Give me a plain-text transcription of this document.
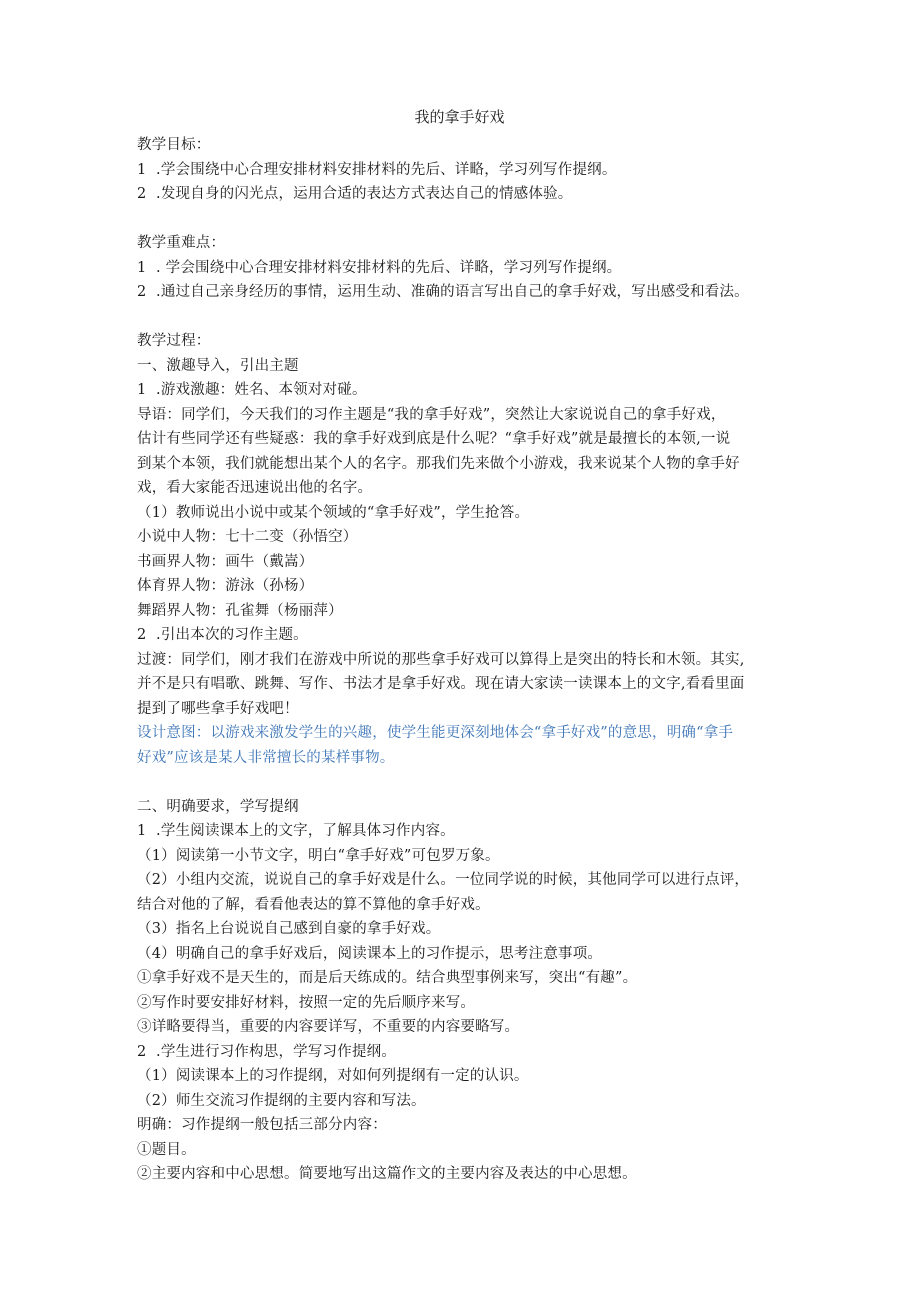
我的拿手好戏
教学目标：
1  .学会围绕中心合理安排材料安排材料的先后、详略，学习列写作提纲。
2  .发现自身的闪光点，运用合适的表达方式表达自己的情感体验。
教学重难点：
1  . 学会围绕中心合理安排材料安排材料的先后、详略，学习列写作提纲。
2  .通过自己亲身经历的事情，运用生动、准确的语言写出自己的拿手好戏，写出感受和看法。
教学过程：
一、激趣导入，引出主题
1  .游戏激趣：姓名、本领对对碰。
导语：同学们，今天我们的习作主题是“我的拿手好戏”，突然让大家说说自己的拿手好戏，
估计有些同学还有些疑惑：我的拿手好戏到底是什么呢？“拿手好戏”就是最擅长的本领,一说
到某个本领，我们就能想出某个人的名字。那我们先来做个小游戏，我来说某个人物的拿手好
戏，看大家能否迅速说出他的名字。
（1）教师说出小说中或某个领域的“拿手好戏”，学生抢答。
小说中人物：七十二变（孙悟空）
书画界人物：画牛（戴嵩）
体育界人物：游泳（孙杨）
舞蹈界人物：孔雀舞（杨丽萍）
2  .引出本次的习作主题。
过渡：同学们，刚才我们在游戏中所说的那些拿手好戏可以算得上是突出的特长和木领。其实,
并不是只有唱歌、跳舞、写作、书法才是拿手好戏。现在请大家读一读课本上的文字,看看里面
提到了哪些拿手好戏吧！
设计意图：以游戏来激发学生的兴趣，使学生能更深刻地体会“拿手好戏”的意思，明确“拿手
好戏”应该是某人非常擅长的某样事物。
二、明确要求，学写提纲
1  .学生阅读课本上的文字，了解具体习作内容。
（1）阅读第一小节文字，明白“拿手好戏”可包罗万象。
（2）小组内交流，说说自己的拿手好戏是什么。一位同学说的时候，其他同学可以进行点评，
结合对他的了解，看看他表达的算不算他的拿手好戏。
（3）指名上台说说自己感到自豪的拿手好戏。
（4）明确自己的拿手好戏后，阅读课本上的习作提示，思考注意事项。
①拿手好戏不是天生的，而是后天练成的。结合典型事例来写，突出“有趣”。
②写作时要安排好材料，按照一定的先后顺序来写。
③详略要得当，重要的内容要详写，不重要的内容要略写。
2  .学生进行习作构思，学写习作提纲。
（1）阅读课本上的习作提纲，对如何列提纲有一定的认识。
（2）师生交流习作提纲的主要内容和写法。
明确：习作提纲一般包括三部分内容：
①题目。
②主要内容和中心思想。简要地写出这篇作文的主要内容及表达的中心思想。
